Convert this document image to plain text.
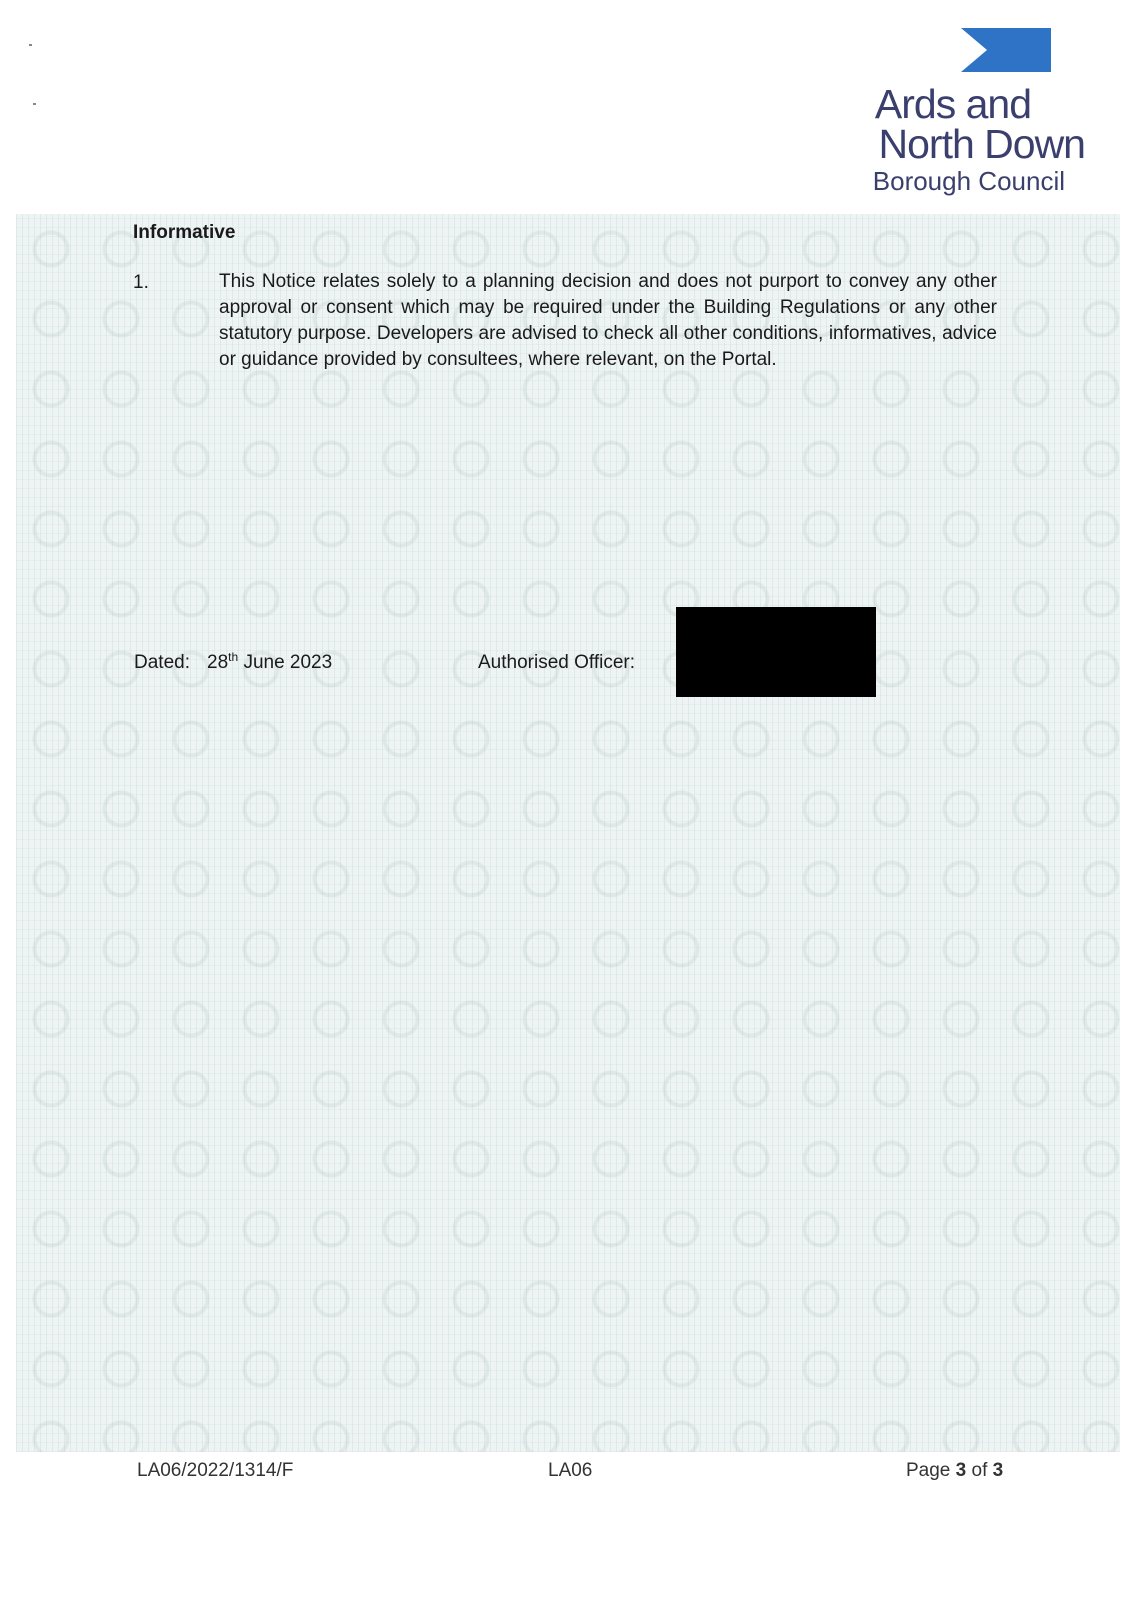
Ards and
North Down
Borough Council
Informative
1.	This Notice relates solely to a planning decision and does not purport to convey any other approval or consent which may be required under the Building Regulations or any other statutory purpose. Developers are advised to check all other conditions, informatives, advice or guidance provided by consultees, where relevant, on the Portal.
Dated: 28th June 2023	Authorised Officer:
LA06/2022/1314/F	LA06	Page 3 of 3
